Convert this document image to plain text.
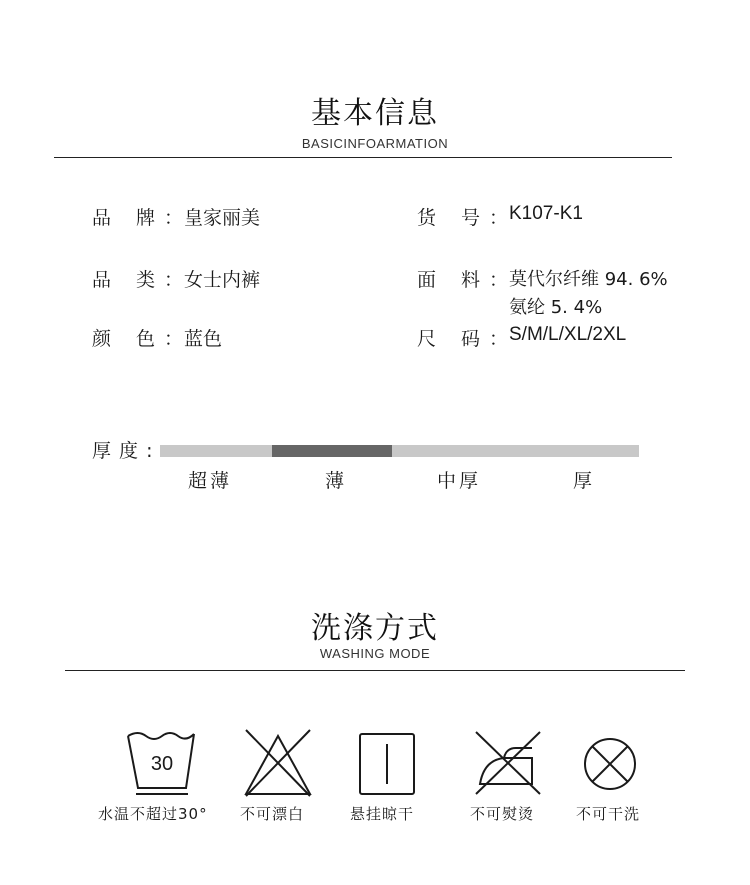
基本信息
BASICINFOARMATION
品 牌 ： 皇家丽美
品 类 ： 女士内裤
颜 色 ： 蓝色
货 号 ： K107-K1
面 料 ： 莫代尔纤维 94. 6%
氨纶 5. 4%
尺 码 ： S/M/L/XL/2XL
厚 度 :
超薄	薄	中厚	厚
洗涤方式
WASHING MODE
30
水温不超过30° 不可漂白	悬挂晾干	不可熨烫	不可干洗
